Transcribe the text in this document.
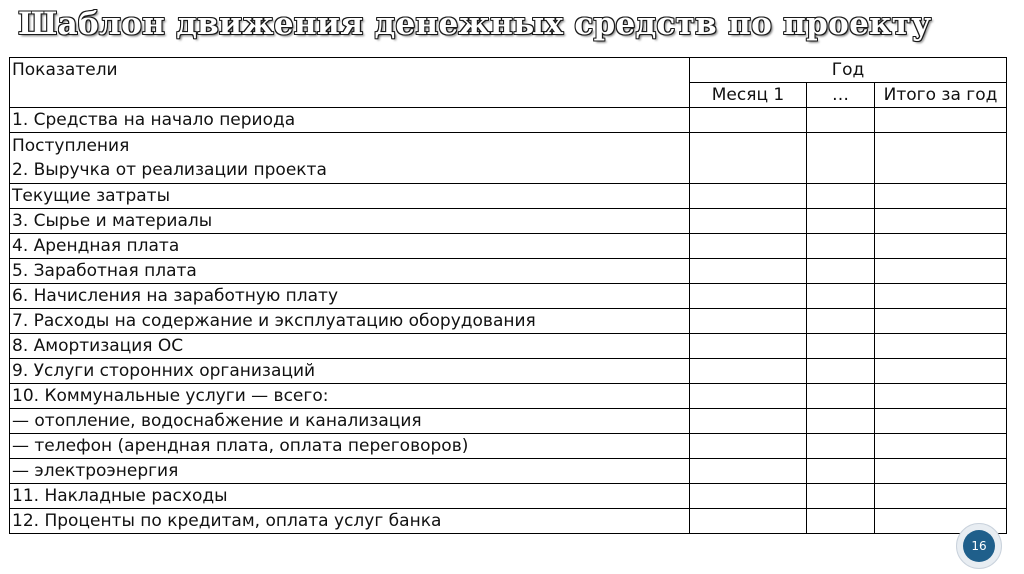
Шаблон движения денежных средств по проекту
Показатели	Год		
	Месяц 1	…	Итого за год
1. Средства на начало периода			
Поступления
2. Выручка от реализации проекта			
Текущие затраты			
3. Сырье и материалы			
4. Арендная плата			
5. Заработная плата			
6. Начисления на заработную плату			
7. Расходы на содержание и эксплуатацию оборудования			
8. Амортизация ОС			
9. Услуги сторонних организаций			
10. Коммунальные услуги — всего:			
— отопление, водоснабжение и канализация			
— телефон (арендная плата, оплата переговоров)			
— электроэнергия			
11. Накладные расходы			
12. Проценты по кредитам, оплата услуг банка			
16
